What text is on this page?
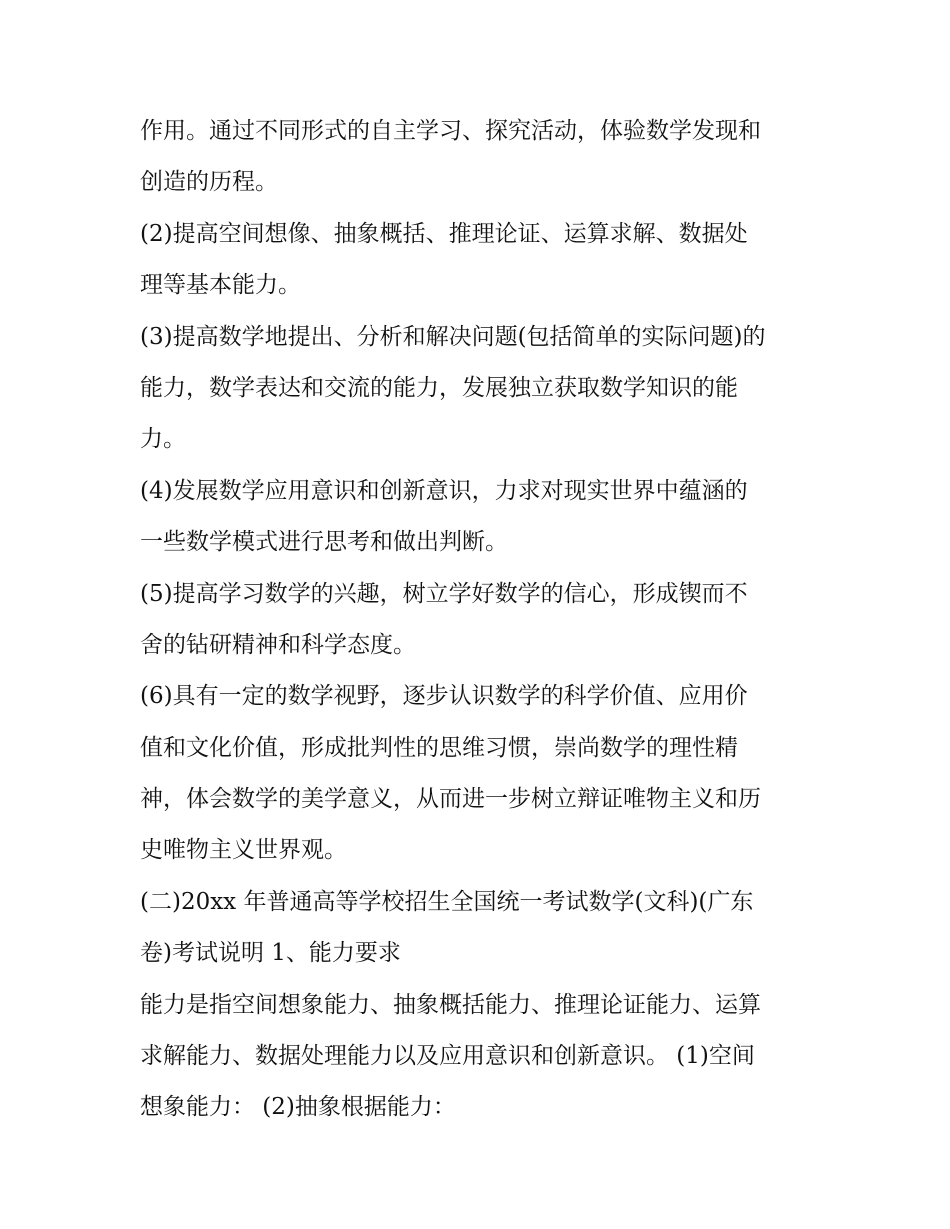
作用。通过不同形式的自主学习、探究活动，体验数学发现和
创造的历程。
(2)提高空间想像、抽象概括、推理论证、运算求解、数据处
理等基本能力。
(3)提高数学地提出、分析和解决问题(包括简单的实际问题)的
能力，数学表达和交流的能力，发展独立获取数学知识的能
力。
(4)发展数学应用意识和创新意识，力求对现实世界中蕴涵的
一些数学模式进行思考和做出判断。
(5)提高学习数学的兴趣，树立学好数学的信心，形成锲而不
舍的钻研精神和科学态度。
(6)具有一定的数学视野，逐步认识数学的科学价值、应用价
值和文化价值，形成批判性的思维习惯，崇尚数学的理性精
神，体会数学的美学意义，从而进一步树立辩证唯物主义和历
史唯物主义世界观。
(二)20xx 年普通高等学校招生全国统一考试数学(文科)(广东
卷)考试说明 1、能力要求
能力是指空间想象能力、抽象概括能力、推理论证能力、运算
求解能力、数据处理能力以及应用意识和创新意识。 (1)空间
想象能力： (2)抽象根据能力：
